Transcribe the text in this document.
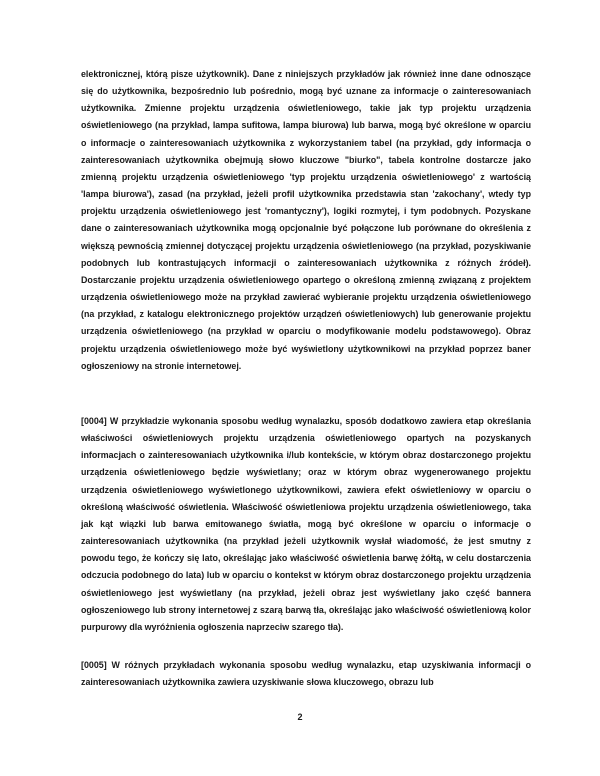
elektronicznej, którą pisze użytkownik). Dane z niniejszych przykładów jak również inne dane odnoszące się do użytkownika, bezpośrednio lub pośrednio, mogą być uznane za informacje o zainteresowaniach użytkownika. Zmienne projektu urządzenia oświetleniowego, takie jak typ projektu urządzenia oświetleniowego (na przykład, lampa sufitowa, lampa biurowa) lub barwa, mogą być określone w oparciu o informacje o zainteresowaniach użytkownika z wykorzystaniem tabel (na przykład, gdy informacja o zainteresowaniach użytkownika obejmują słowo kluczowe "biurko", tabela kontrolne dostarcze jako zmienną projektu urządzenia oświetleniowego 'typ projektu urządzenia oświetleniowego' z wartością 'lampa biurowa'), zasad (na przykład, jeżeli profil użytkownika przedstawia stan 'zakochany', wtedy typ projektu urządzenia oświetleniowego jest 'romantyczny'), logiki rozmytej, i tym podobnych. Pozyskane dane o zainteresowaniach użytkownika mogą opcjonalnie być połączone lub porównane do określenia z większą pewnością zmiennej dotyczącej projektu urządzenia oświetleniowego (na przykład, pozyskiwanie podobnych lub kontrastujących informacji o zainteresowaniach użytkownika z różnych źródeł). Dostarczanie projektu urządzenia oświetleniowego opartego o określoną zmienną związaną z projektem urządzenia oświetleniowego może na przykład zawierać wybieranie projektu urządzenia oświetleniowego (na przykład, z katalogu elektronicznego projektów urządzeń oświetleniowych) lub generowanie projektu urządzenia oświetleniowego (na przykład w oparciu o modyfikowanie modelu podstawowego). Obraz projektu urządzenia oświetleniowego może być wyświetlony użytkownikowi na przykład poprzez baner ogłoszeniowy na stronie internetowej.

[0004] W przykładzie wykonania sposobu według wynalazku, sposób dodatkowo zawiera etap określania właściwości oświetleniowych projektu urządzenia oświetleniowego opartych na pozyskanych informacjach o zainteresowaniach użytkownika i/lub kontekście, w którym obraz dostarczonego projektu urządzenia oświetleniowego będzie wyświetlany; oraz w którym obraz wygenerowanego projektu urządzenia oświetleniowego wyświetlonego użytkownikowi, zawiera efekt oświetleniowy w oparciu o określoną właściwość oświetlenia. Właściwość oświetleniowa projektu urządzenia oświetleniowego, taka jak kąt wiązki lub barwa emitowanego światła, mogą być określone w oparciu o informacje o zainteresowaniach użytkownika (na przykład jeżeli użytkownik wysłał wiadomość, że jest smutny z powodu tego, że kończy się lato, określając jako właściwość oświetlenia barwę żółtą, w celu dostarczenia odczucia podobnego do lata) lub w oparciu o kontekst w którym obraz dostarczonego projektu urządzenia oświetleniowego jest wyświetlany (na przykład, jeżeli obraz jest wyświetlany jako część bannera ogłoszeniowego lub strony internetowej z szarą barwą tła, określając jako właściwość oświetleniową kolor purpurowy dla wyróżnienia ogłoszenia naprzeciw szarego tła).

[0005] W różnych przykładach wykonania sposobu według wynalazku, etap uzyskiwania informacji o zainteresowaniach użytkownika zawiera uzyskiwanie słowa kluczowego, obrazu lub

2
